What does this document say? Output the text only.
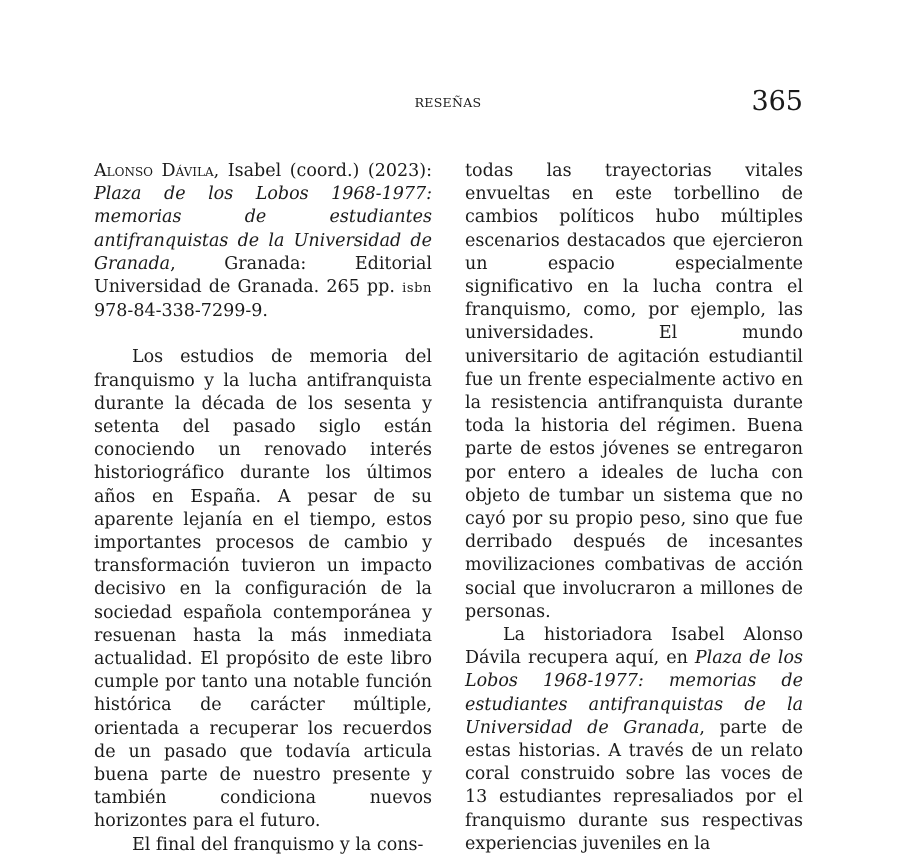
RESEÑAS	365

Alonso Dávila, Isabel (coord.) (2023): Plaza de los Lobos 1968-1977: memorias de estudiantes antifranquistas de la Universidad de Granada, Granada: Editorial Universidad de Granada. 265 pp. isbn 978-84-338-7299-9.

Los estudios de memoria del franquismo y la lucha antifranquista durante la década de los sesenta y setenta del pasado siglo están conociendo un renovado interés historiográfico durante los últimos años en España. A pesar de su aparente lejanía en el tiempo, estos importantes procesos de cambio y transformación tuvieron un impacto decisivo en la configuración de la sociedad española contemporánea y resuenan hasta la más inmediata actualidad. El propósito de este libro cumple por tanto una notable función histórica de carácter múltiple, orientada a recuperar los recuerdos de un pasado que todavía articula buena parte de nuestro presente y también condiciona nuevos horizontes para el futuro.

El final del franquismo y la cons-

todas las trayectorias vitales envueltas en este torbellino de cambios políticos hubo múltiples escenarios destacados que ejercieron un espacio especialmente significativo en la lucha contra el franquismo, como, por ejemplo, las universidades. El mundo universitario de agitación estudiantil fue un frente especialmente activo en la resistencia antifranquista durante toda la historia del régimen. Buena parte de estos jóvenes se entregaron por entero a ideales de lucha con objeto de tumbar un sistema que no cayó por su propio peso, sino que fue derribado después de incesantes movilizaciones combativas de acción social que involucraron a millones de personas.

La historiadora Isabel Alonso Dávila recupera aquí, en Plaza de los Lobos 1968-1977: memorias de estudiantes antifranquistas de la Universidad de Granada, parte de estas historias. A través de un relato coral construido sobre las voces de 13 estudiantes represaliados por el franquismo durante sus respectivas experiencias juveniles en la
